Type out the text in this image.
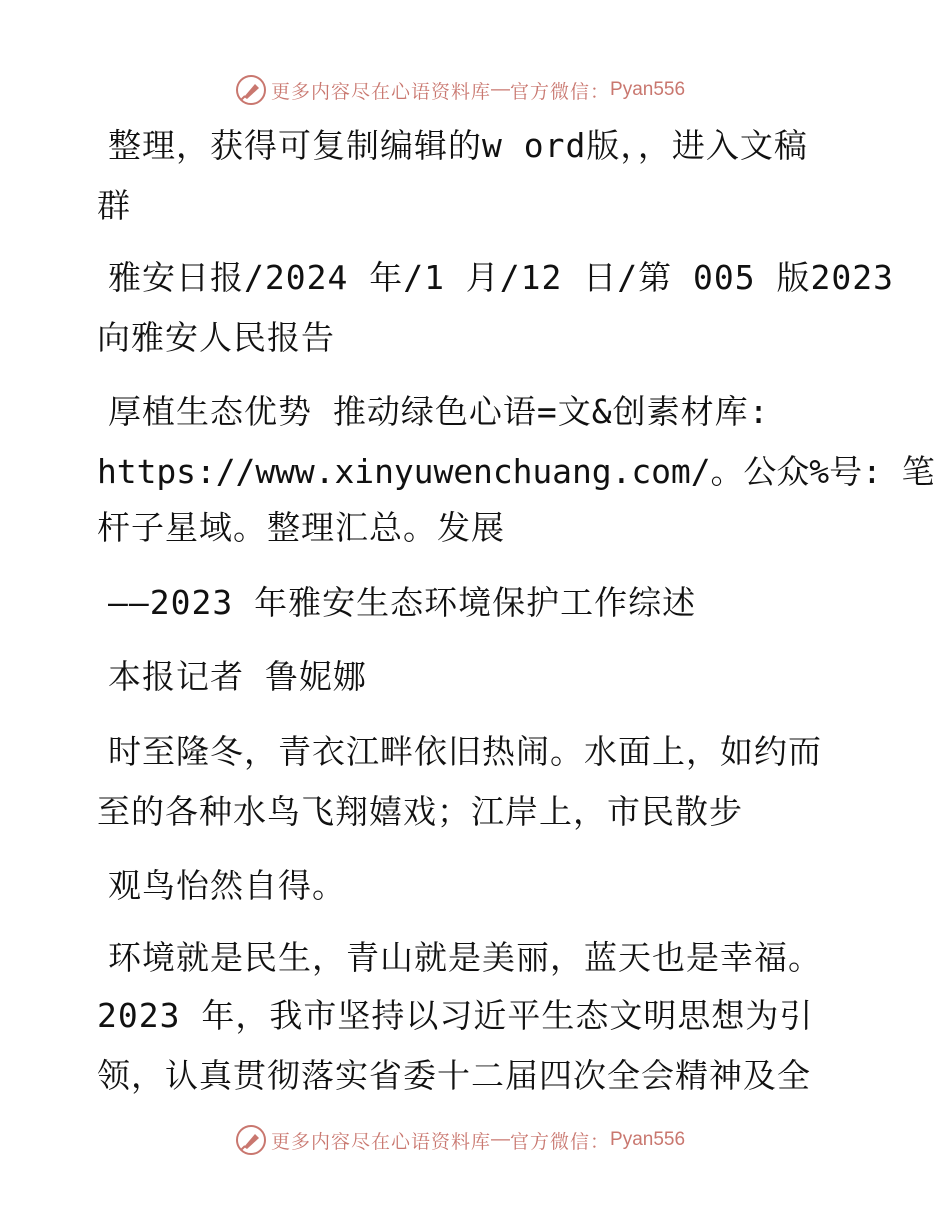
更多内容尽在心语资料库 — 官方微信： Pyan556
整理，获得可复制编辑的w ord版，，进入文稿
群
雅安日报/2024 年/1 月/12 日/第 005 版2023
向雅安人民报告
厚植生态优势 推动绿色心语=文&创素材库:
https://www.xinyuwenchuang.com/。公众%号: 笔
杆子星域。整理汇总。发展
——2023 年雅安生态环境保护工作综述
本报记者 鲁妮娜
时至隆冬，青衣江畔依旧热闹。水面上，如约而
至的各种水鸟飞翔嬉戏；江岸上，市民散步
观鸟怡然自得。
环境就是民生，青山就是美丽，蓝天也是幸福。
2023 年，我市坚持以习近平生态文明思想为引
领，认真贯彻落实省委十二届四次全会精神及全
更多内容尽在心语资料库 — 官方微信： Pyan556
